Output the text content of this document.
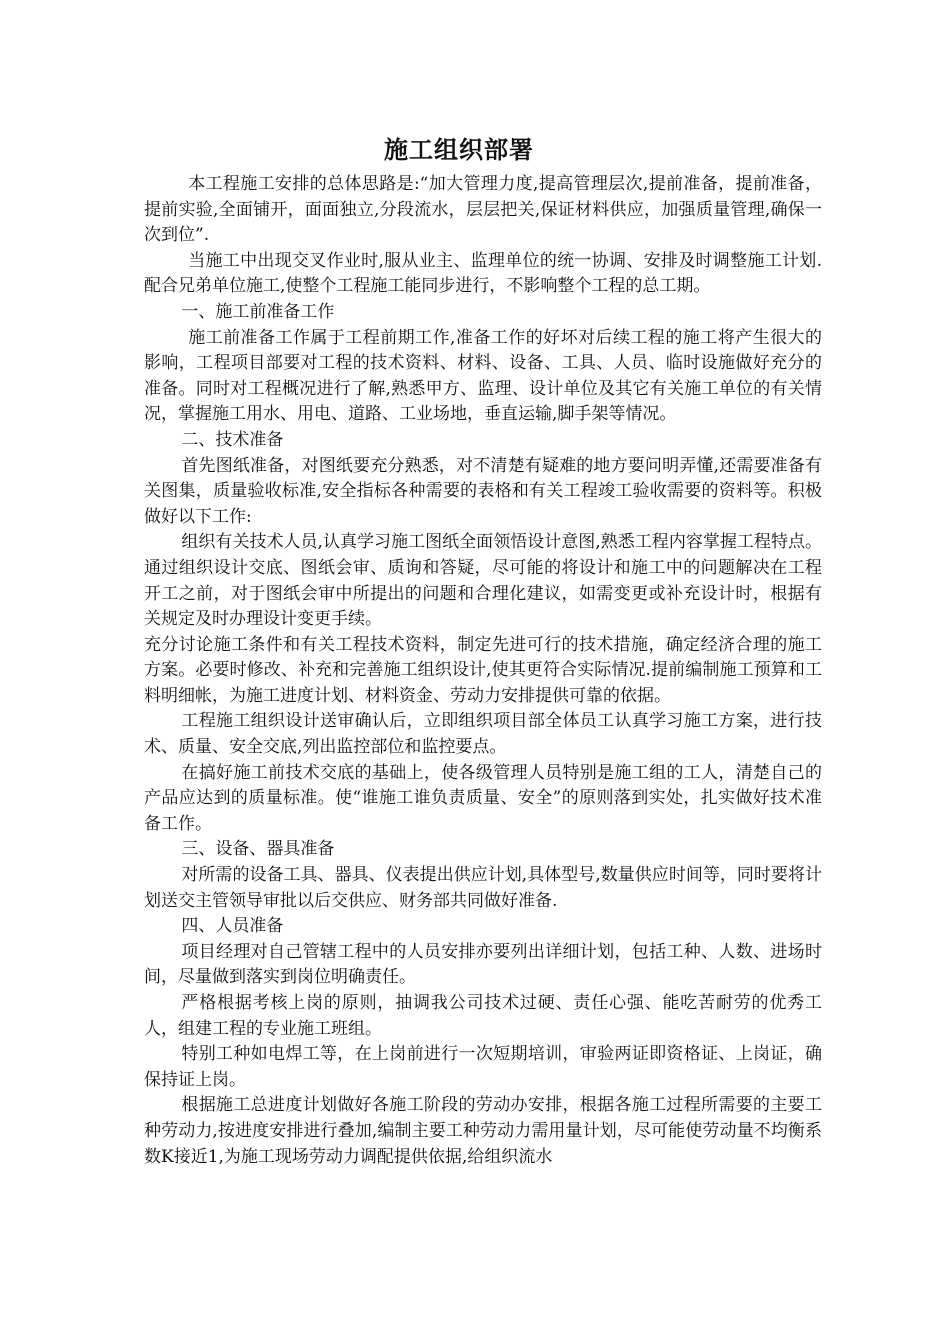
施工组织部署

本工程施工安排的总体思路是:“加大管理力度,提高管理层次,提前准备，提前准备，提前实验,全面铺开，面面独立,分段流水，层层把关,保证材料供应，加强质量管理,确保一次到位”.

当施工中出现交叉作业时,服从业主、监理单位的统一协调、安排及时调整施工计划.配合兄弟单位施工,使整个工程施工能同步进行，不影响整个工程的总工期。

一、施工前准备工作

施工前准备工作属于工程前期工作,准备工作的好坏对后续工程的施工将产生很大的影响，工程项目部要对工程的技术资料、材料、设备、工具、人员、临时设施做好充分的准备。同时对工程概况进行了解,熟悉甲方、监理、设计单位及其它有关施工单位的有关情况，掌握施工用水、用电、道路、工业场地，垂直运输,脚手架等情况。

二、技术准备

首先图纸准备，对图纸要充分熟悉，对不清楚有疑难的地方要问明弄懂,还需要准备有关图集，质量验收标准,安全指标各种需要的表格和有关工程竣工验收需要的资料等。积极做好以下工作:

组织有关技术人员,认真学习施工图纸全面领悟设计意图,熟悉工程内容掌握工程特点。通过组织设计交底、图纸会审、质询和答疑，尽可能的将设计和施工中的问题解决在工程开工之前，对于图纸会审中所提出的问题和合理化建议，如需变更或补充设计时，根据有关规定及时办理设计变更手续。

充分讨论施工条件和有关工程技术资料，制定先进可行的技术措施，确定经济合理的施工方案。必要时修改、补充和完善施工组织设计,使其更符合实际情况.提前编制施工预算和工料明细帐，为施工进度计划、材料资金、劳动力安排提供可靠的依据。

工程施工组织设计送审确认后，立即组织项目部全体员工认真学习施工方案，进行技术、质量、安全交底,列出监控部位和监控要点。

在搞好施工前技术交底的基础上，使各级管理人员特别是施工组的工人，清楚自己的产品应达到的质量标准。使“谁施工谁负责质量、安全”的原则落到实处，扎实做好技术准备工作。

三、设备、器具准备

对所需的设备工具、器具、仪表提出供应计划,具体型号,数量供应时间等，同时要将计划送交主管领导审批以后交供应、财务部共同做好准备.

四、人员准备

项目经理对自己管辖工程中的人员安排亦要列出详细计划，包括工种、人数、进场时间，尽量做到落实到岗位明确责任。

严格根据考核上岗的原则，抽调我公司技术过硬、责任心强、能吃苦耐劳的优秀工人，组建工程的专业施工班组。

特别工种如电焊工等，在上岗前进行一次短期培训，审验两证即资格证、上岗证，确保持证上岗。

根据施工总进度计划做好各施工阶段的劳动办安排，根据各施工过程所需要的主要工种劳动力,按进度安排进行叠加,编制主要工种劳动力需用量计划，尽可能使劳动量不均衡系数K接近1,为施工现场劳动力调配提供依据,给组织流水
